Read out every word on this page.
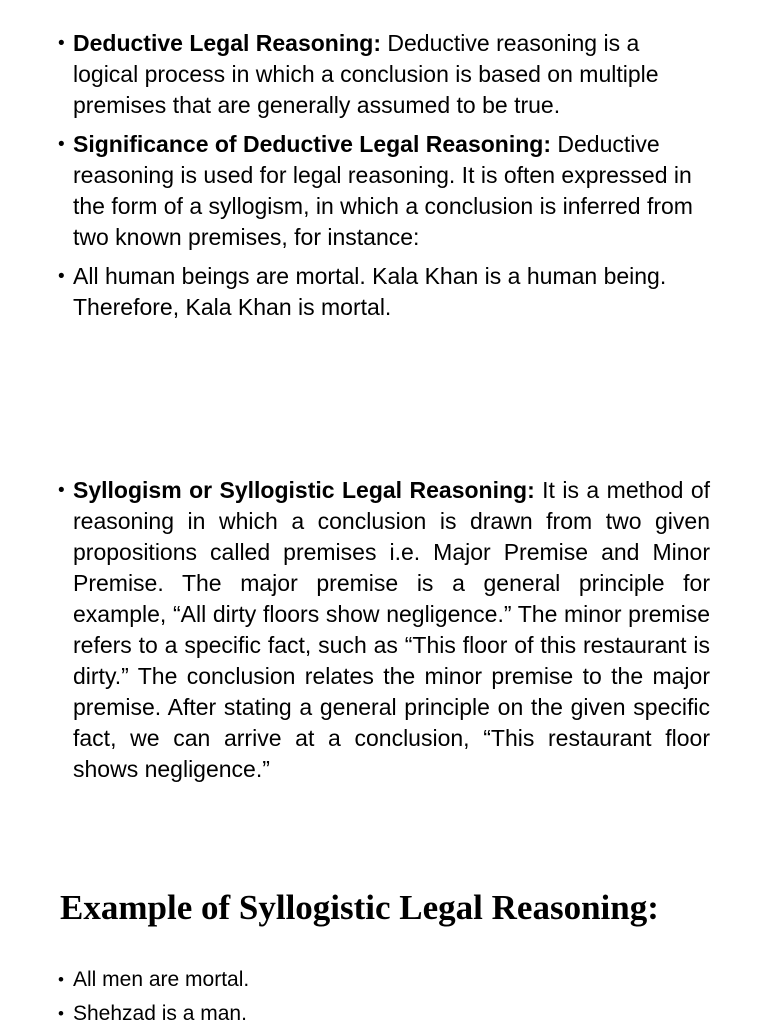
• Deductive Legal Reasoning: Deductive reasoning is a logical process in which a conclusion is based on multiple premises that are generally assumed to be true.
• Significance of Deductive Legal Reasoning: Deductive reasoning is used for legal reasoning. It is often expressed in the form of a syllogism, in which a conclusion is inferred from two known premises, for instance:
• All human beings are mortal. Kala Khan is a human being. Therefore, Kala Khan is mortal.
• Syllogism or Syllogistic Legal Reasoning: It is a method of reasoning in which a conclusion is drawn from two given propositions called premises i.e. Major Premise and Minor Premise. The major premise is a general principle for example, “All dirty floors show negligence.” The minor premise refers to a specific fact, such as “This floor of this restaurant is dirty.” The conclusion relates the minor premise to the major premise. After stating a general principle on the given specific fact, we can arrive at a conclusion, “This restaurant floor shows negligence.”
Example of Syllogistic Legal Reasoning:
• All men are mortal.
• Shehzad is a man.
